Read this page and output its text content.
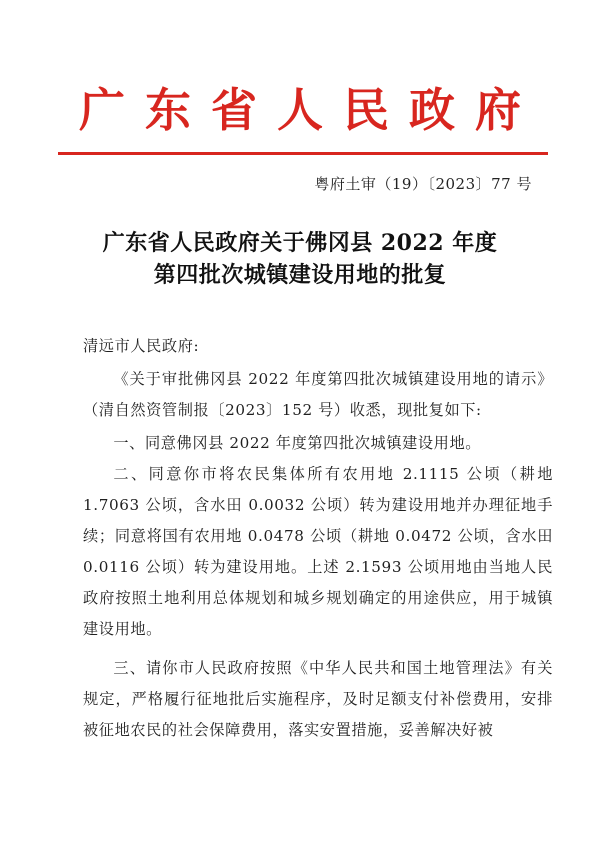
广东省人民政府
粤府土审（19）〔2023〕77 号
广东省人民政府关于佛冈县 2022 年度
第四批次城镇建设用地的批复
清远市人民政府:

《关于审批佛冈县 2022 年度第四批次城镇建设用地的请示》（清自然资管制报〔2023〕152 号）收悉，现批复如下:

一、同意佛冈县 2022 年度第四批次城镇建设用地。

二、同意你市将农民集体所有农用地 2.1115 公顷（耕地 1.7063 公顷，含水田 0.0032 公顷）转为建设用地并办理征地手续；同意将国有农用地 0.0478 公顷（耕地 0.0472 公顷，含水田 0.0116 公顷）转为建设用地。上述 2.1593 公顷用地由当地人民政府按照土地利用总体规划和城乡规划确定的用途供应，用于城镇建设用地。

三、请你市人民政府按照《中华人民共和国土地管理法》有关规定，严格履行征地批后实施程序，及时足额支付补偿费用，安排被征地农民的社会保障费用，落实安置措施，妥善解决好被
